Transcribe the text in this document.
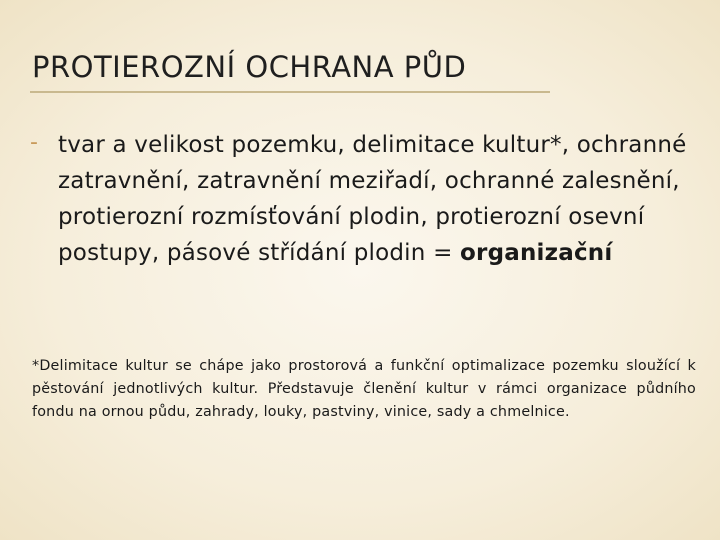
PROTIEROZNÍ OCHRANA PŮD
- tvar a velikost pozemku, delimitace kultur*, ochranné zatravnění, zatravnění meziřadí, ochranné zalesnění, protierozní rozmísťování plodin, protierozní osevní postupy, pásové střídání plodin = organizační
*Delimitace kultur se chápe jako prostorová a funkční optimalizace pozemku sloužící k pěstování jednotlivých kultur. Představuje členění kultur v rámci organizace půdního fondu na ornou půdu, zahrady, louky, pastviny, vinice, sady a chmelnice.
